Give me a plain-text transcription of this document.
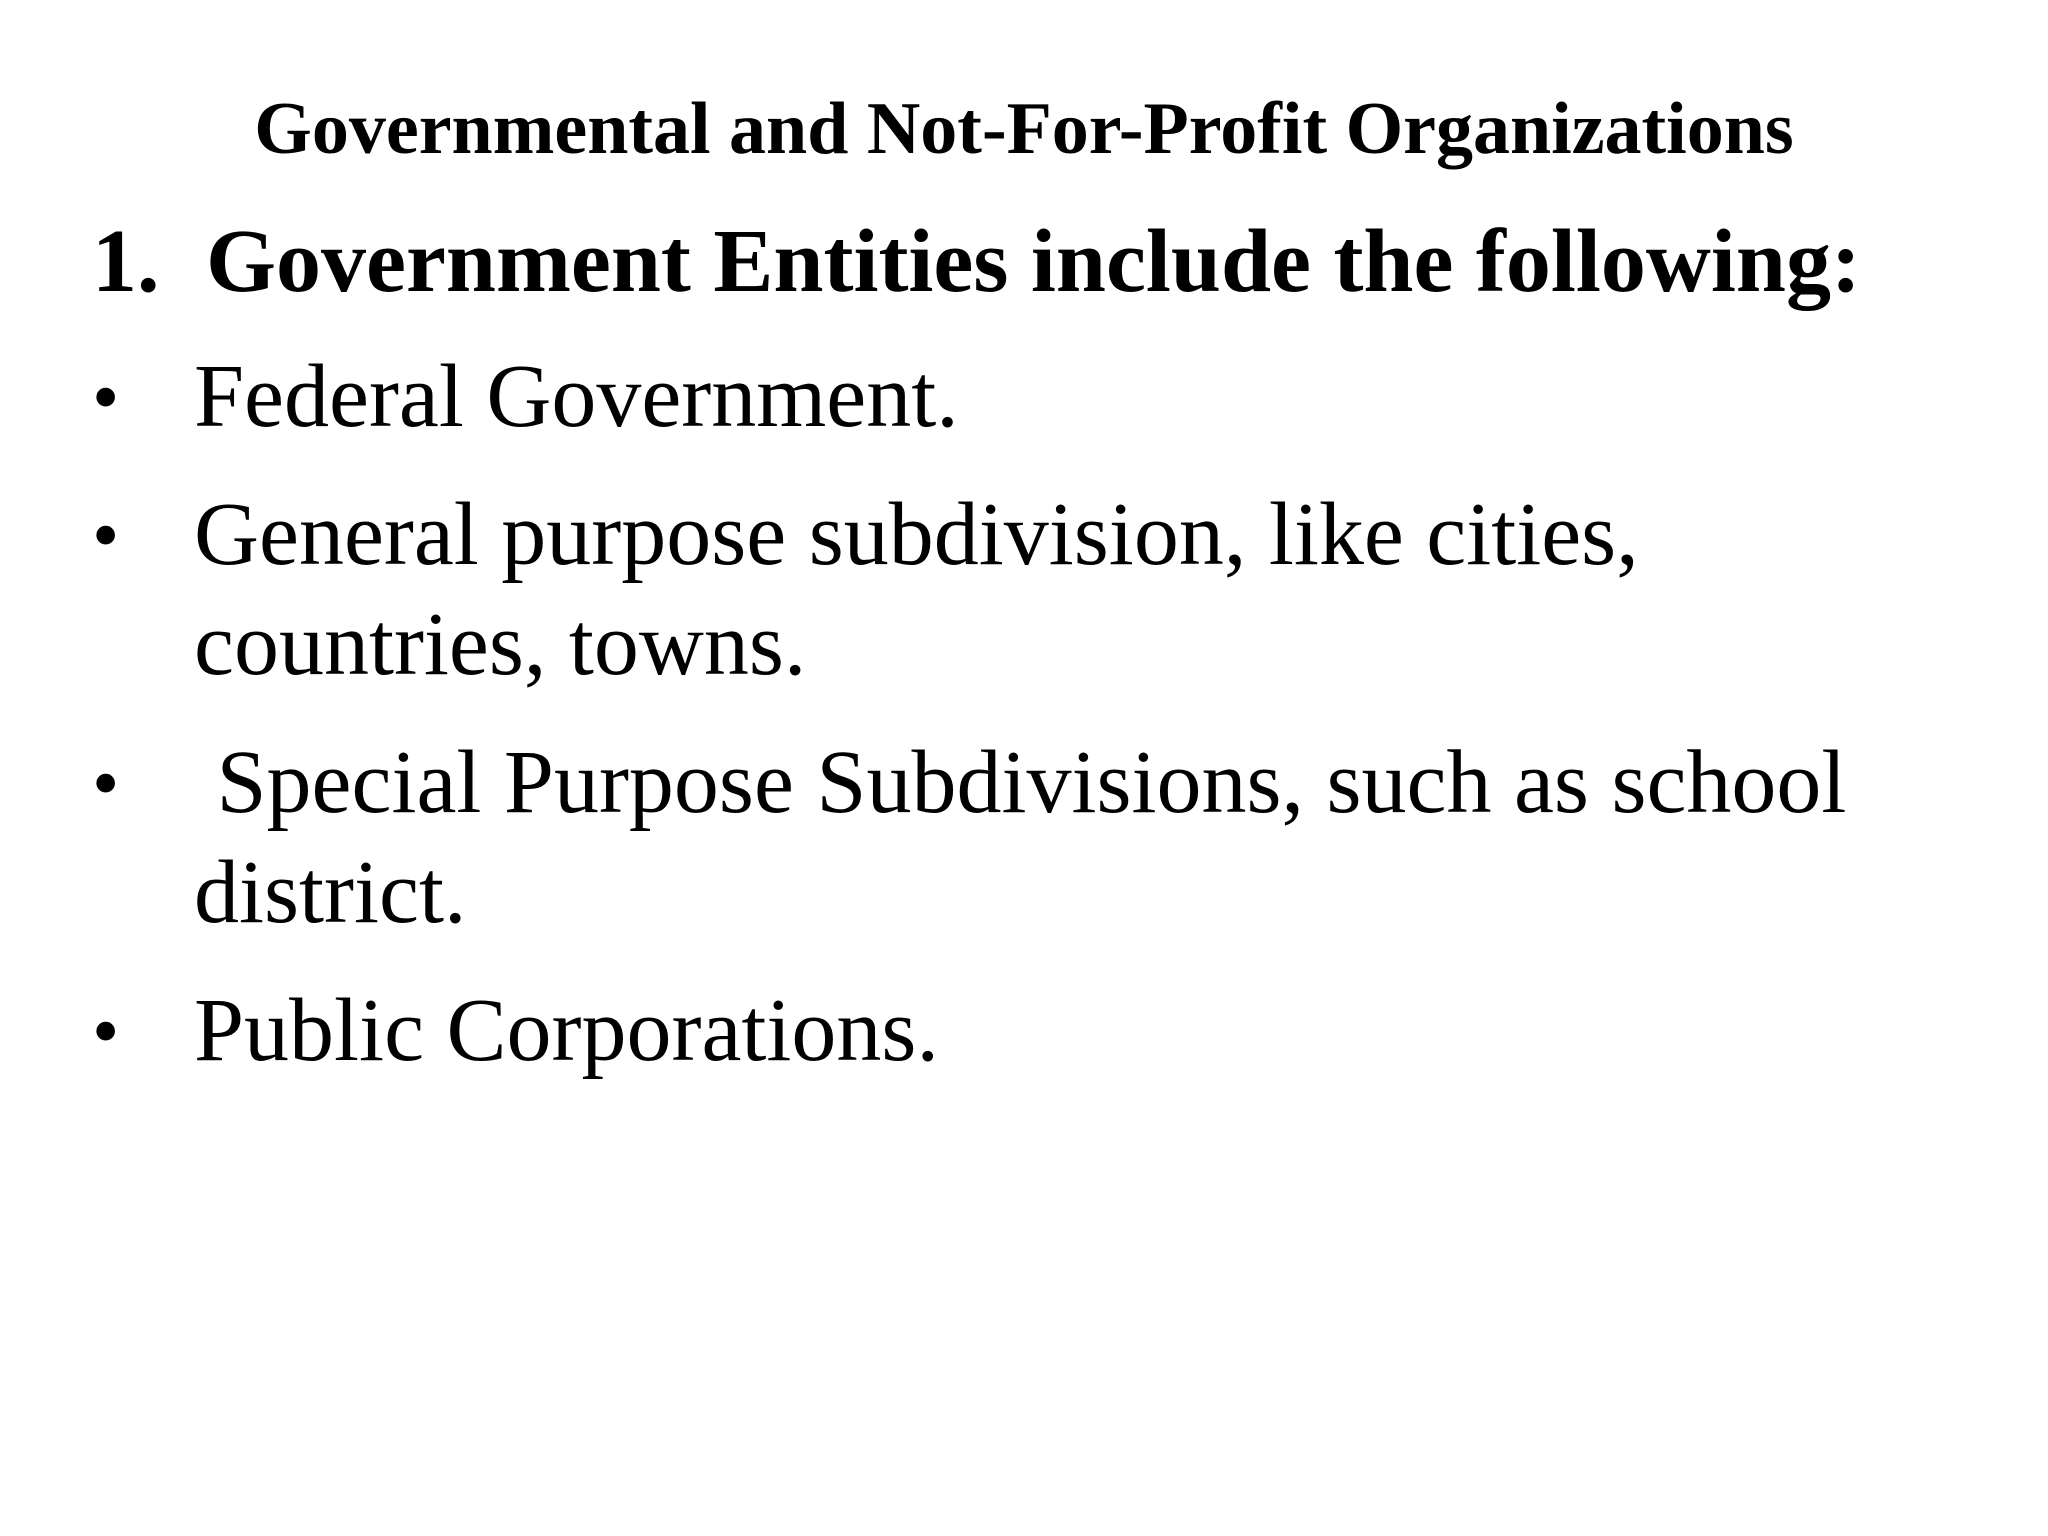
Governmental and Not-For-Profit Organizations
1. Government Entities include the following:
• Federal Government.
• General purpose subdivision, like cities, countries, towns.
• Special Purpose Subdivisions, such as school district.
• Public Corporations.
